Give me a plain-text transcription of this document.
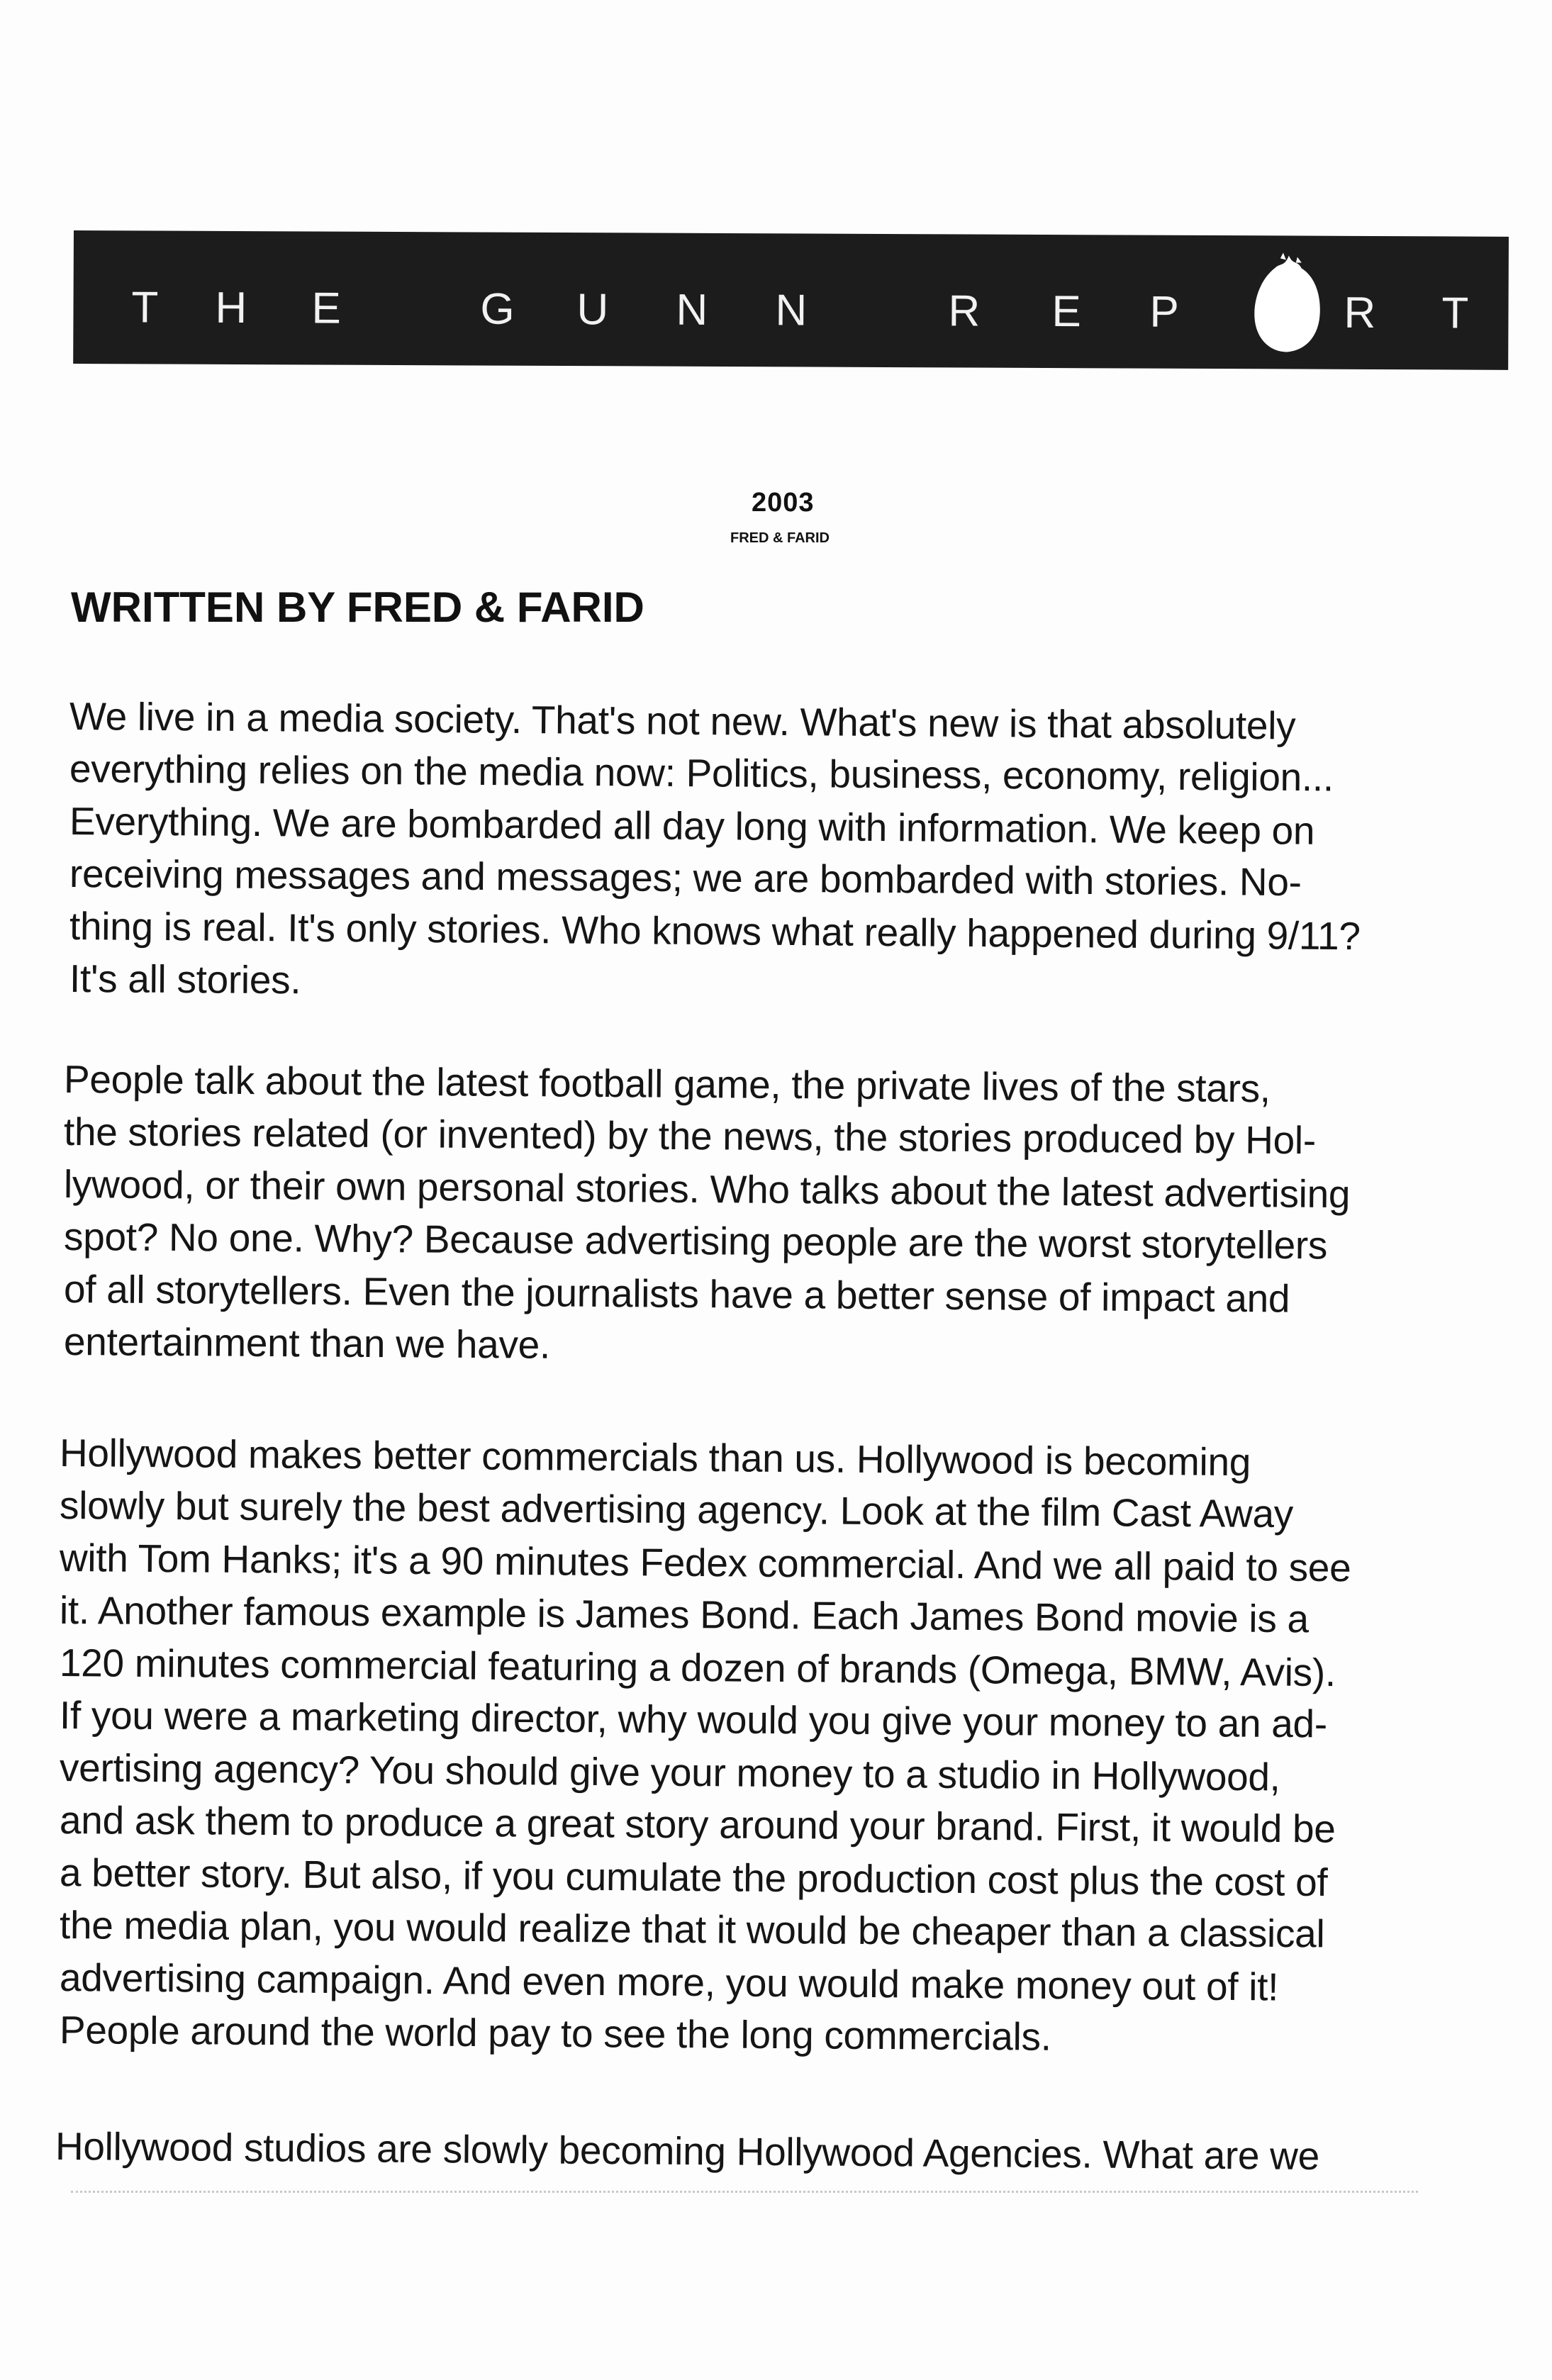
T H E	G U N N	R E P	R T
2003
FRED & FARID
WRITTEN BY FRED & FARID
We live in a media society. That's not new. What's new is that absolutely
everything relies on the media now: Politics, business, economy, religion...
Everything. We are bombarded all day long with information. We keep on
receiving messages and messages; we are bombarded with stories. No-
thing is real. It's only stories. Who knows what really happened during 9/11?
It's all stories.
People talk about the latest football game, the private lives of the stars,
the stories related (or invented) by the news, the stories produced by Hol-
lywood, or their own personal stories. Who talks about the latest advertising
spot? No one. Why? Because advertising people are the worst storytellers
of all storytellers. Even the journalists have a better sense of impact and
entertainment than we have.
Hollywood makes better commercials than us. Hollywood is becoming
slowly but surely the best advertising agency. Look at the film Cast Away
with Tom Hanks; it's a 90 minutes Fedex commercial. And we all paid to see
it. Another famous example is James Bond. Each James Bond movie is a
120 minutes commercial featuring a dozen of brands (Omega, BMW, Avis).
If you were a marketing director, why would you give your money to an ad-
vertising agency? You should give your money to a studio in Hollywood,
and ask them to produce a great story around your brand. First, it would be
a better story. But also, if you cumulate the production cost plus the cost of
the media plan, you would realize that it would be cheaper than a classical
advertising campaign. And even more, you would make money out of it!
People around the world pay to see the long commercials.
Hollywood studios are slowly becoming Hollywood Agencies. What are we
